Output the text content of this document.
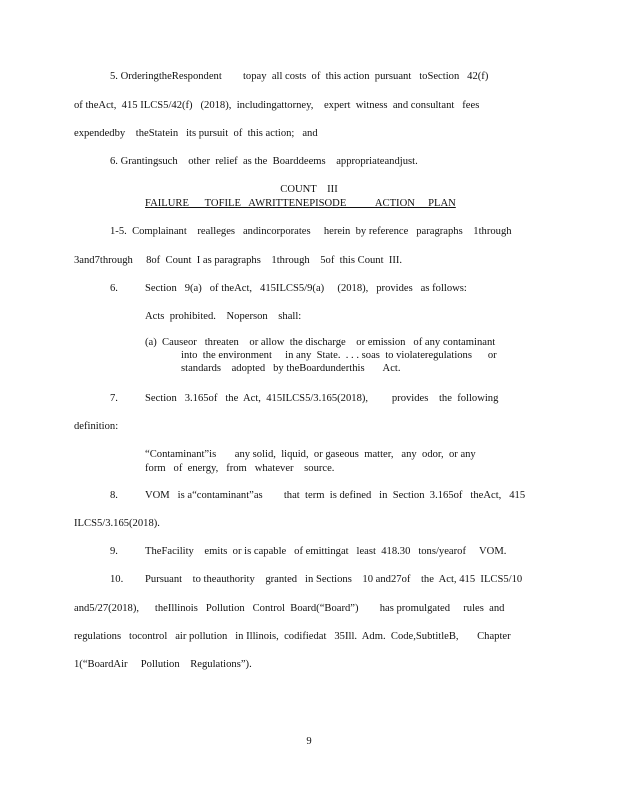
5. OrderingtheRespondent        topay  all costs  of  this action  pursuant   toSection   42(f)
of theAct,  415 ILCS5/42(f)   (2018),  includingattorney,    expert  witness  and consultant   fees
expendedby    theStatein   its pursuit  of  this action;   and
6. Grantingsuch    other  relief  as the  Boarddeems    appropriateandjust.
COUNT    III
FAILURE      TOFILE   AWRITTENEPISODE           ACTION     PLAN
1-5.  Complainant    realleges   andincorporates     herein  by reference   paragraphs    1through
3and7through     8of  Count  I as paragraphs    1through    5of  this Count  III.
6.	Section   9(a)   of theAct,   415ILCS5/9(a)     (2018),   provides   as follows:
Acts  prohibited.    Noperson    shall:
(a)  Causeor   threaten    or allow  the discharge    or emission   of any contaminant
into  the environment     in any  State.  . . . soas  to violateregulations      or
standards    adopted   by theBoardunderthis       Act.
7.	Section   3.165of   the  Act,  415ILCS5/3.165(2018),         provides    the  following
definition:
“Contaminant”is       any solid,  liquid,  or gaseous  matter,   any  odor,  or any
form   of  energy,   from   whatever    source.
8.	VOM   is a“contaminant”as        that  term  is defined   in  Section  3.165of   theAct,   415
ILCS5/3.165(2018).
9.	TheFacility    emits  or is capable   of emittingat   least  418.30   tons/yearof     VOM.
10. Pursuant    to theauthority    granted   in Sections    10 and27of    the  Act, 415  ILCS5/10
and5/27(2018),      theIllinois   Pollution   Control  Board(“Board”)        has promulgated     rules  and
regulations   tocontrol   air pollution   in Illinois,  codifiedat   35Ill.  Adm.  Code,SubtitleB,       Chapter
1(“BoardAir     Pollution    Regulations”).
9
